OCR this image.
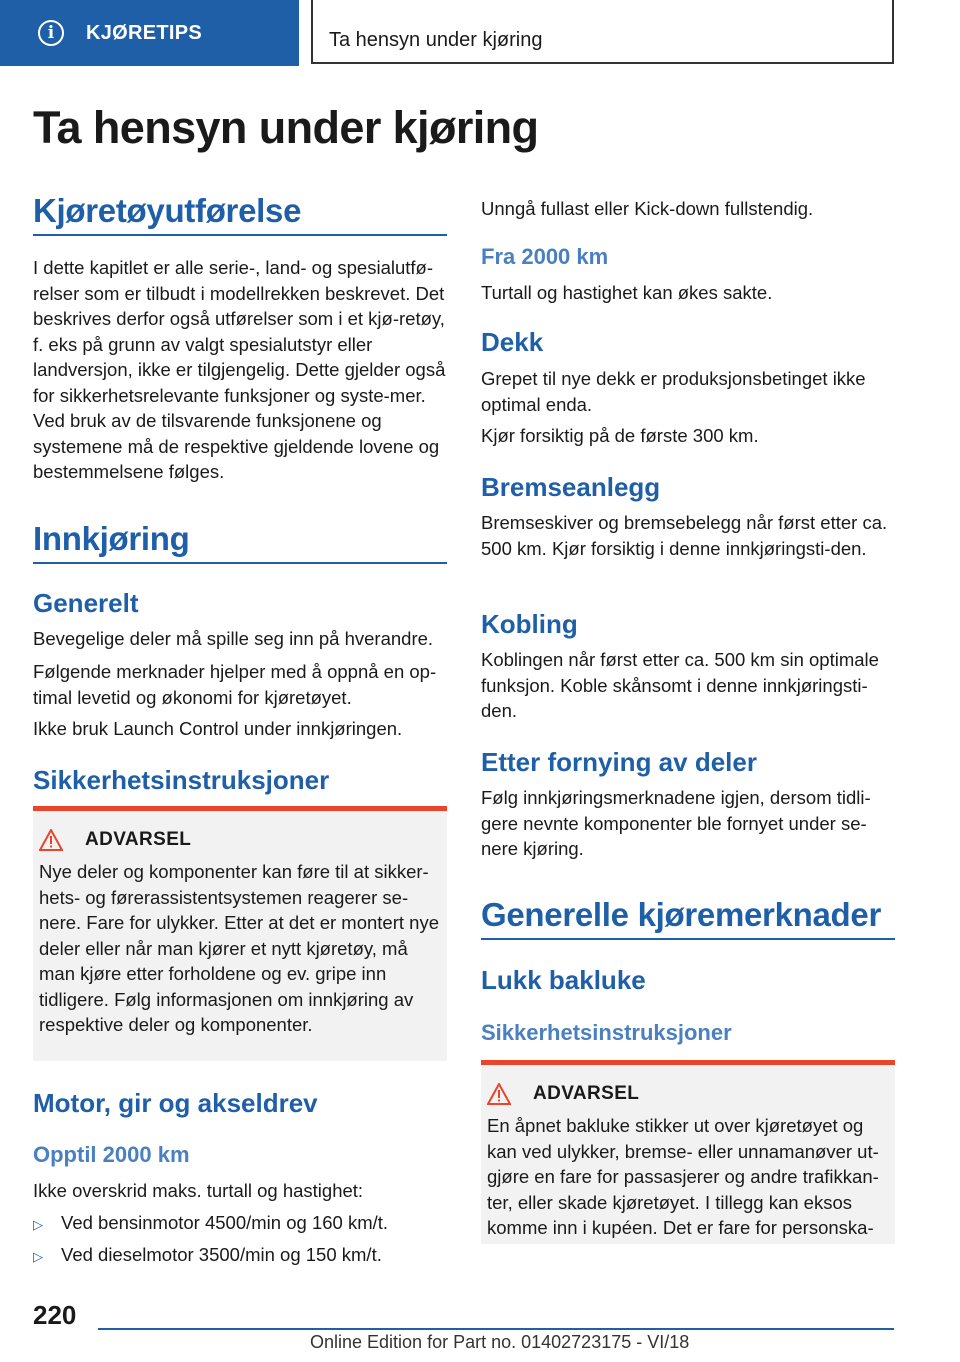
i	KJØRETIPS	Ta hensyn under kjøring
Ta hensyn under kjøring
Kjøretøyutførelse

I dette kapitlet er alle serie-, land- og spesialutfø-relser som er tilbudt i modellrekken beskrevet. Det beskrives derfor også utførelser som i et kjø-retøy, f. eks på grunn av valgt spesialutstyr eller landversjon, ikke er tilgjengelig. Dette gjelder også for sikkerhetsrelevante funksjoner og syste-mer. Ved bruk av de tilsvarende funksjonene og systemene må de respektive gjeldende lovene og bestemmelsene følges.

Innkjøring
Generelt

Bevegelige deler må spille seg inn på hverandre.

Følgende merknader hjelper med å oppnå en op-timal levetid og økonomi for kjøretøyet.

Ikke bruk Launch Control under innkjøringen.

Sikkerhetsinstruksjoner
ADVARSEL
Nye deler og komponenter kan føre til at sikker-hets- og førerassistentsystemen reagerer se-nere. Fare for ulykker. Etter at det er montert nye deler eller når man kjører et nytt kjøretøy, må man kjøre etter forholdene og ev. gripe inn tidligere. Følg informasjonen om innkjøring av respektive deler og komponenter.
Motor, gir og akseldrev
Opptil 2000 km

Ikke overskrid maks. turtall og hastighet:

▷ Ved bensinmotor 4500/min og 160 km/t.
▷ Ved dieselmotor 3500/min og 150 km/t.

Unngå fullast eller Kick-down fullstendig.

Fra 2000 km

Turtall og hastighet kan økes sakte.

Dekk

Grepet til nye dekk er produksjonsbetinget ikke optimal enda.

Kjør forsiktig på de første 300 km.

Bremseanlegg

Bremseskiver og bremsebelegg når først etter ca. 500 km. Kjør forsiktig i denne innkjøringsti-den.

Kobling

Koblingen når først etter ca. 500 km sin optimale funksjon. Koble skånsomt i denne innkjøringsti-den.

Etter fornying av deler

Følg innkjøringsmerknadene igjen, dersom tidli-gere nevnte komponenter ble fornyet under se-nere kjøring.

Generelle kjøremerknader
Lukk bakluke
Sikkerhetsinstruksjoner
ADVARSEL
En åpnet bakluke stikker ut over kjøretøyet og kan ved ulykker, bremse- eller unnamanøver ut-gjøre en fare for passasjerer og andre trafikkan-ter, eller skade kjøretøyet. I tillegg kan eksos komme inn i kupéen. Det er fare for personska-
220
Online Edition for Part no. 01402723175 - VI/18
